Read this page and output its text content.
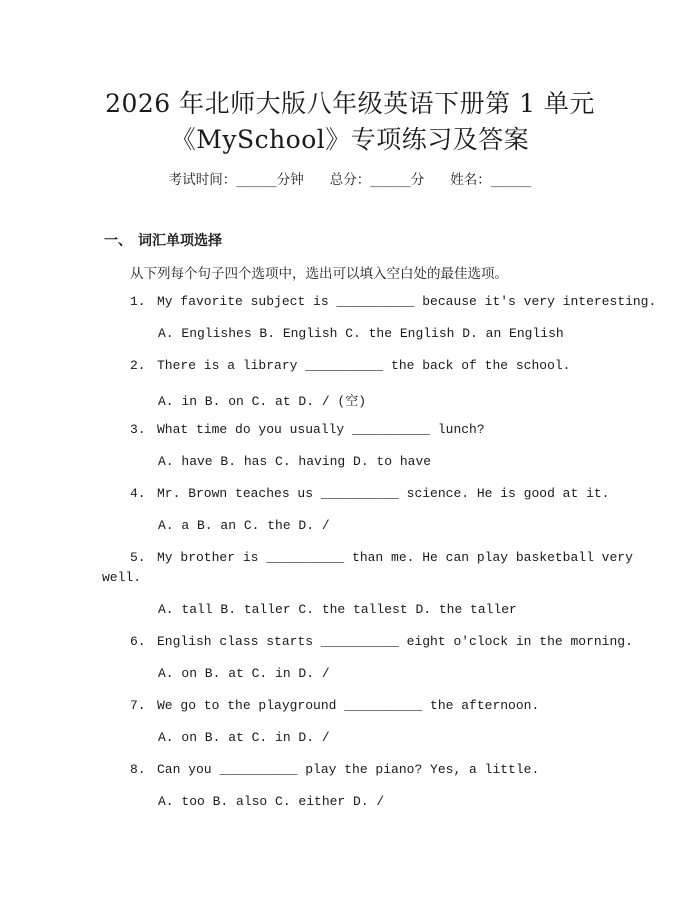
2026 年北师大版八年级英语下册第 1 单元
《MySchool》专项练习及答案
考试时间：______分钟 总分：______分 姓名：______
一、 词汇单项选择
从下列每个句子四个选项中，选出可以填入空白处的最佳选项。
1. My favorite subject is __________ because it's very interesting.
A. Englishes B. English C. the English D. an English
2. There is a library __________ the back of the school.
A. in B. on C. at D. / (空)
3. What time do you usually __________ lunch?
A. have B. has C. having D. to have
4. Mr. Brown teaches us __________ science. He is good at it.
A. a B. an C. the D. /
5. My brother is __________ than me. He can play basketball very
well.
A. tall B. taller C. the tallest D. the taller
6. English class starts __________ eight o'clock in the morning.
A. on B. at C. in D. /
7. We go to the playground __________ the afternoon.
A. on B. at C. in D. /
8. Can you __________ play the piano? Yes, a little.
A. too B. also C. either D. /
